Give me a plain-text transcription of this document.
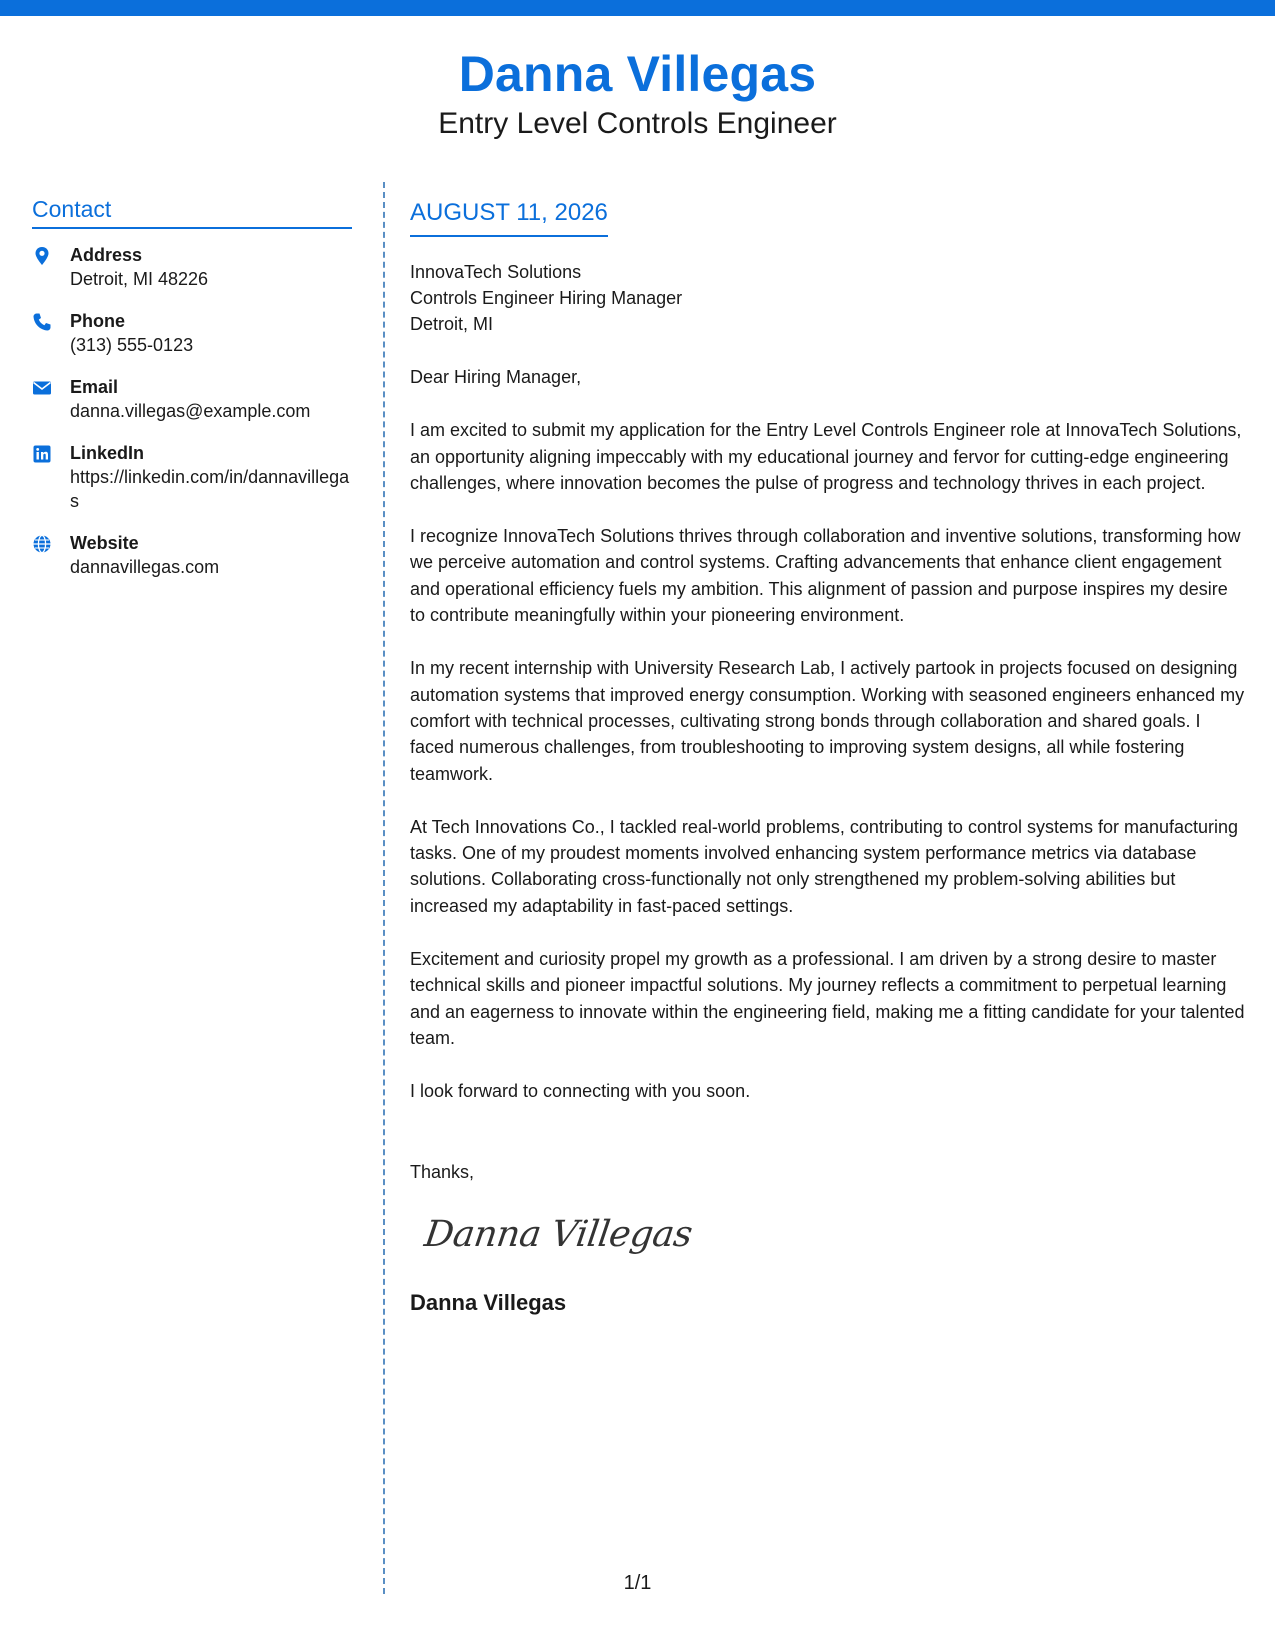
Danna Villegas
Entry Level Controls Engineer
Contact
Address
Detroit, MI 48226
Phone
(313) 555-0123
Email
danna.villegas@example.com
LinkedIn
https://linkedin.com/in/dannavillegas
Website
dannavillegas.com
AUGUST 11, 2026
InnovaTech Solutions
Controls Engineer Hiring Manager
Detroit, MI
Dear Hiring Manager,
I am excited to submit my application for the Entry Level Controls Engineer role at InnovaTech Solutions, an opportunity aligning impeccably with my educational journey and fervor for cutting-edge engineering challenges, where innovation becomes the pulse of progress and technology thrives in each project.
I recognize InnovaTech Solutions thrives through collaboration and inventive solutions, transforming how we perceive automation and control systems. Crafting advancements that enhance client engagement and operational efficiency fuels my ambition. This alignment of passion and purpose inspires my desire to contribute meaningfully within your pioneering environment.
In my recent internship with University Research Lab, I actively partook in projects focused on designing automation systems that improved energy consumption. Working with seasoned engineers enhanced my comfort with technical processes, cultivating strong bonds through collaboration and shared goals. I faced numerous challenges, from troubleshooting to improving system designs, all while fostering teamwork.
At Tech Innovations Co., I tackled real-world problems, contributing to control systems for manufacturing tasks. One of my proudest moments involved enhancing system performance metrics via database solutions. Collaborating cross-functionally not only strengthened my problem-solving abilities but increased my adaptability in fast-paced settings.
Excitement and curiosity propel my growth as a professional. I am driven by a strong desire to master technical skills and pioneer impactful solutions. My journey reflects a commitment to perpetual learning and an eagerness to innovate within the engineering field, making me a fitting candidate for your talented team.
I look forward to connecting with you soon.
Thanks,
Danna Villegas
Danna Villegas
1/1
